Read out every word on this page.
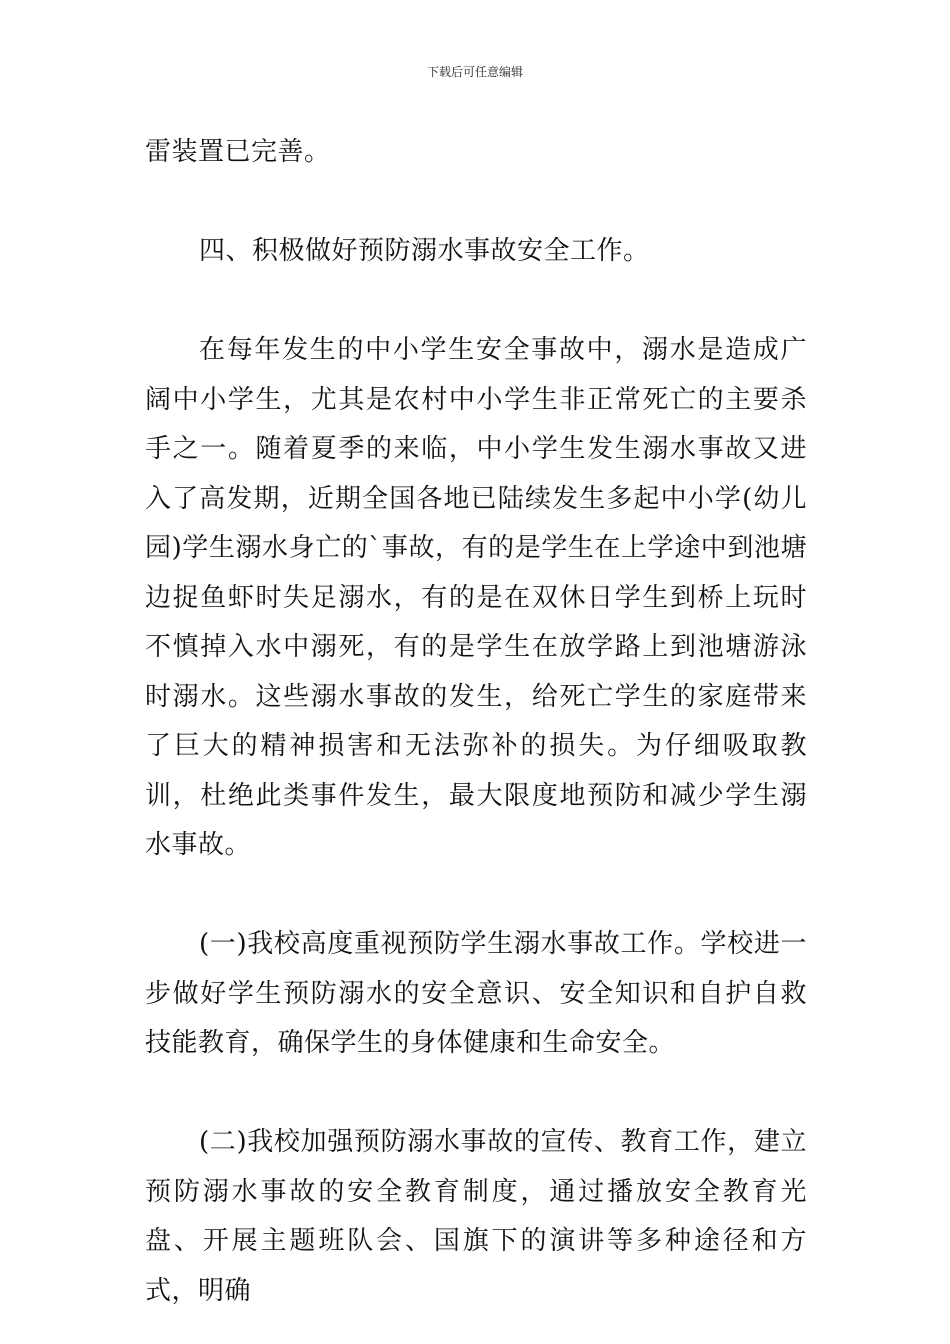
下载后可任意编辑

雷装置已完善。

四、积极做好预防溺水事故安全工作。

在每年发生的中小学生安全事故中，溺水是造成广阔中小学生，尤其是农村中小学生非正常死亡的主要杀手之一。随着夏季的来临，中小学生发生溺水事故又进入了高发期，近期全国各地已陆续发生多起中小学(幼儿园)学生溺水身亡的`事故，有的是学生在上学途中到池塘边捉鱼虾时失足溺水，有的是在双休日学生到桥上玩时不慎掉入水中溺死，有的是学生在放学路上到池塘游泳时溺水。这些溺水事故的发生，给死亡学生的家庭带来了巨大的精神损害和无法弥补的损失。为仔细吸取教训，杜绝此类事件发生，最大限度地预防和减少学生溺水事故。

(一)我校高度重视预防学生溺水事故工作。学校进一步做好学生预防溺水的安全意识、安全知识和自护自救技能教育，确保学生的身体健康和生命安全。

(二)我校加强预防溺水事故的宣传、教育工作，建立预防溺水事故的安全教育制度，通过播放安全教育光盘、开展主题班队会、国旗下的演讲等多种途径和方式，明确
